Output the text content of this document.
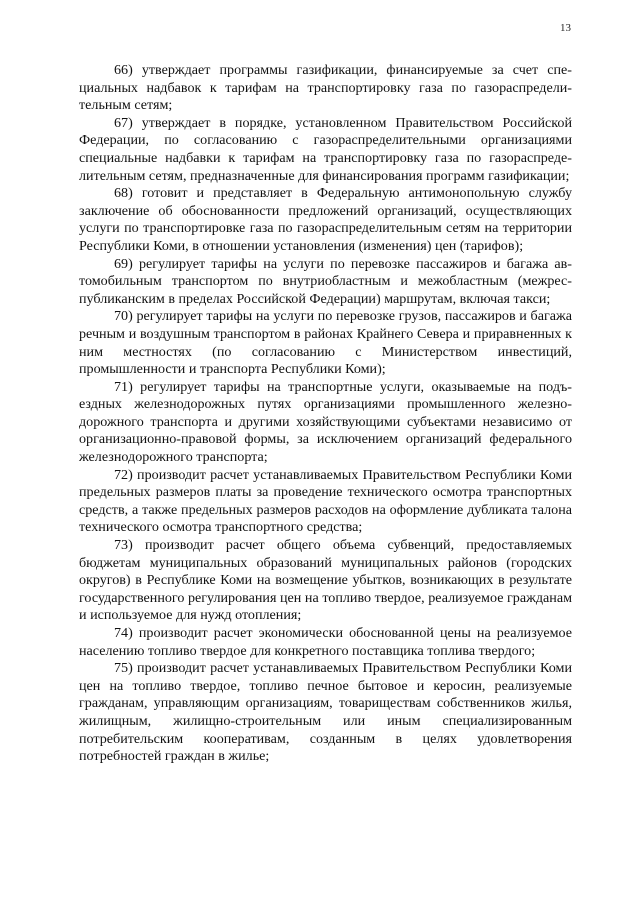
13

66) утверждает программы газификации, финансируемые за счет специальных надбавок к тарифам на транспортировку газа по газораспределительным сетям;

67) утверждает в порядке, установленном Правительством Российской Федерации, по согласованию с газораспределительными организациями специальные надбавки к тарифам на транспортировку газа по газораспределительным сетям, предназначенные для финансирования программ газификации;

68) готовит и представляет в Федеральную антимонопольную службу заключение об обоснованности предложений организаций, осуществляющих услуги по транспортировке газа по газораспределительным сетям на территории Республики Коми, в отношении установления (изменения) цен (тарифов);

69) регулирует тарифы на услуги по перевозке пассажиров и багажа автомобильным транспортом по внутриобластным и межобластным (межреспубликанским в пределах Российской Федерации) маршрутам, включая такси;

70) регулирует тарифы на услуги по перевозке грузов, пассажиров и багажа речным и воздушным транспортом в районах Крайнего Севера и приравненных к ним местностях (по согласованию с Министерством инвестиций, промышленности и транспорта Республики Коми);

71) регулирует тарифы на транспортные услуги, оказываемые на подъездных железнодорожных путях организациями промышленного железнодорожного транспорта и другими хозяйствующими субъектами независимо от организационно-правовой формы, за исключением организаций федерального железнодорожного транспорта;

72) производит расчет устанавливаемых Правительством Республики Коми предельных размеров платы за проведение технического осмотра транспортных средств, а также предельных размеров расходов на оформление дубликата талона технического осмотра транспортного средства;

73) производит расчет общего объема субвенций, предоставляемых бюджетам муниципальных образований муниципальных районов (городских округов) в Республике Коми на возмещение убытков, возникающих в результате государственного регулирования цен на топливо твердое, реализуемое гражданам и используемое для нужд отопления;

74) производит расчет экономически обоснованной цены на реализуемое населению топливо твердое для конкретного поставщика топлива твердого;

75) производит расчет устанавливаемых Правительством Республики Коми цен на топливо твердое, топливо печное бытовое и керосин, реализуемые гражданам, управляющим организациям, товариществам собственников жилья, жилищным, жилищно-строительным или иным специализированным потребительским кооперативам, созданным в целях удовлетворения потребностей граждан в жилье;
